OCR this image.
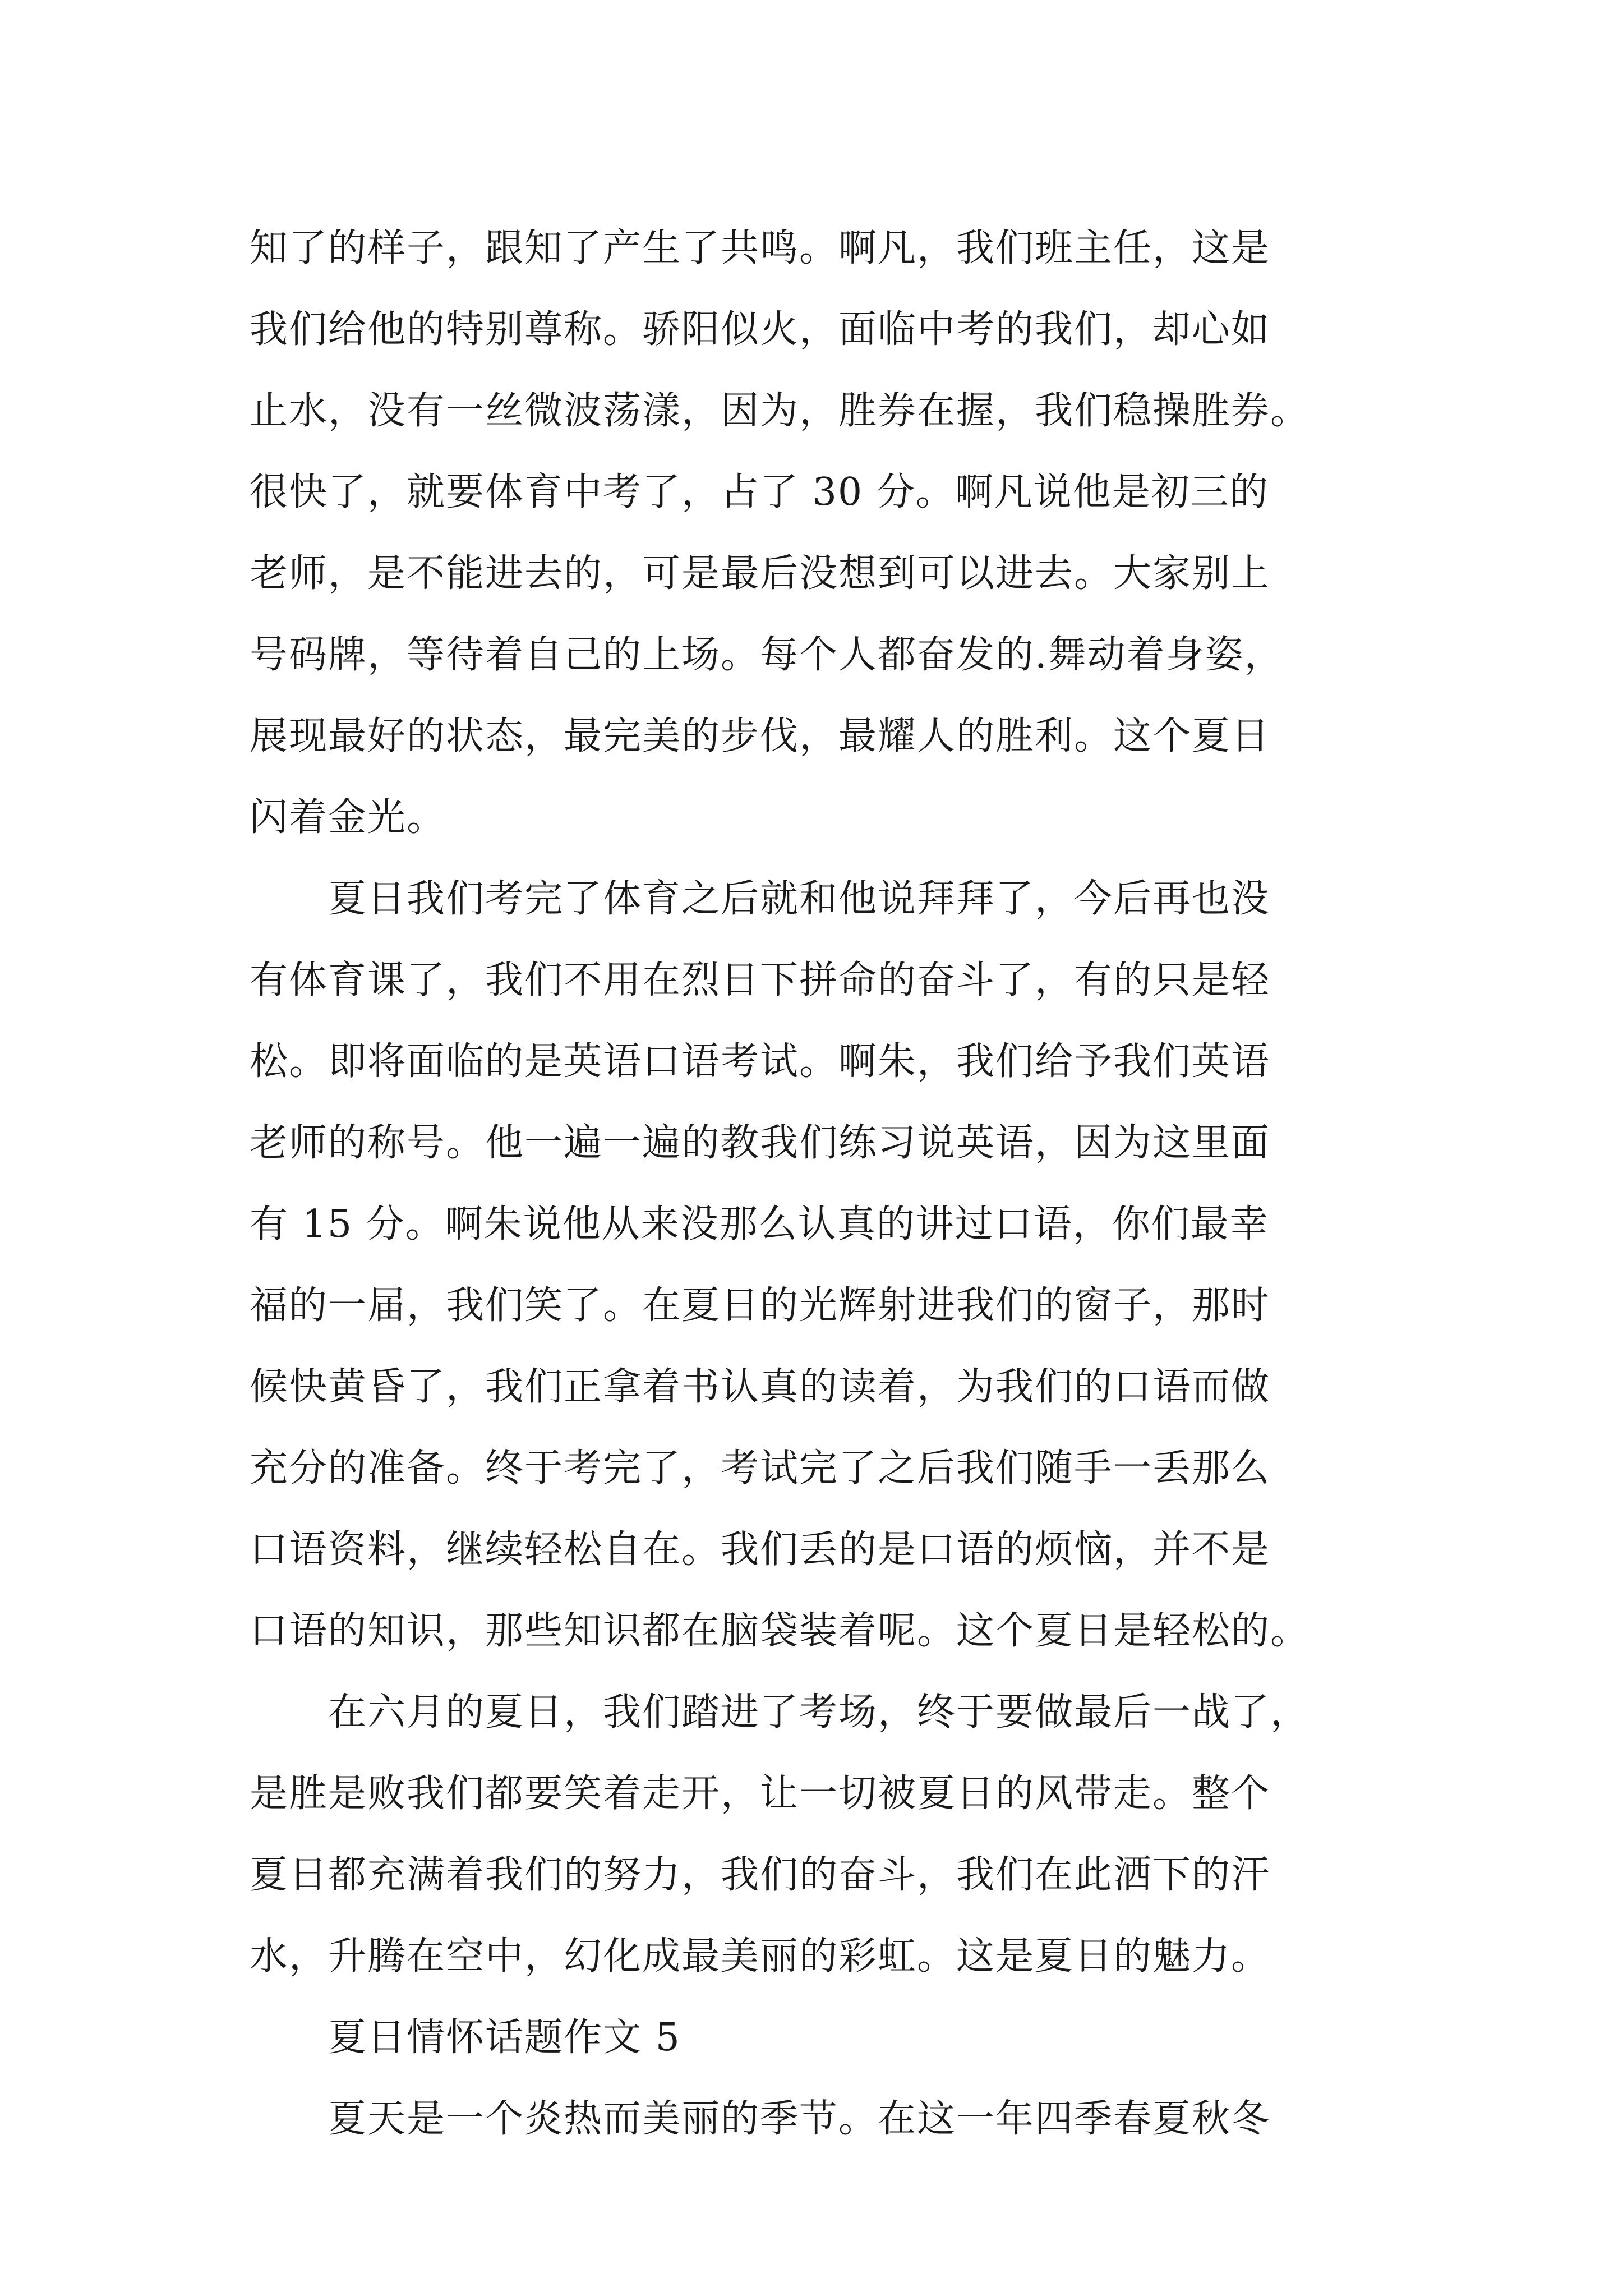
知了的样子，跟知了产生了共鸣。啊凡，我们班主任，这是
我们给他的特别尊称。骄阳似火，面临中考的我们，却心如
止水，没有一丝微波荡漾，因为，胜券在握，我们稳操胜券。
很快了，就要体育中考了，占了 30 分。啊凡说他是初三的
老师，是不能进去的，可是最后没想到可以进去。大家别上
号码牌，等待着自己的上场。每个人都奋发的.舞动着身姿，
展现最好的状态，最完美的步伐，最耀人的胜利。这个夏日
闪着金光。
　　夏日我们考完了体育之后就和他说拜拜了，今后再也没
有体育课了，我们不用在烈日下拼命的奋斗了，有的只是轻
松。即将面临的是英语口语考试。啊朱，我们给予我们英语
老师的称号。他一遍一遍的教我们练习说英语，因为这里面
有 15 分。啊朱说他从来没那么认真的讲过口语，你们最幸
福的一届，我们笑了。在夏日的光辉射进我们的窗子，那时
候快黄昏了，我们正拿着书认真的读着，为我们的口语而做
充分的准备。终于考完了，考试完了之后我们随手一丢那么
口语资料，继续轻松自在。我们丢的是口语的烦恼，并不是
口语的知识，那些知识都在脑袋装着呢。这个夏日是轻松的。
　　在六月的夏日，我们踏进了考场，终于要做最后一战了，
是胜是败我们都要笑着走开，让一切被夏日的风带走。整个
夏日都充满着我们的努力，我们的奋斗，我们在此洒下的汗
水，升腾在空中，幻化成最美丽的彩虹。这是夏日的魅力。
　　夏日情怀话题作文 5
　　夏天是一个炎热而美丽的季节。在这一年四季春夏秋冬
